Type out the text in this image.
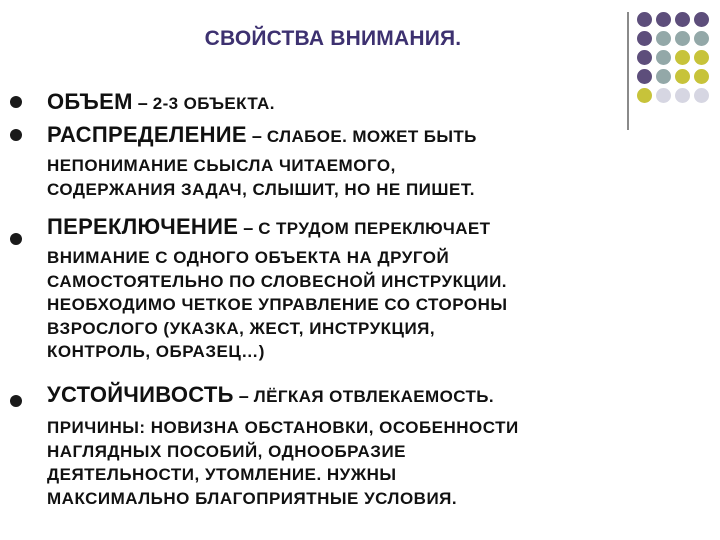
СВОЙСТВА ВНИМАНИЯ.
ОБЪЕМ – 2-3 ОБЪЕКТА.
РАСПРЕДЕЛЕНИЕ – СЛАБОЕ. МОЖЕТ БЫТЬ
НЕПОНИМАНИЕ СЬЫСЛА ЧИТАЕМОГО,
СОДЕРЖАНИЯ ЗАДАЧ, СЛЫШИТ, НО НЕ ПИШЕТ.
ПЕРЕКЛЮЧЕНИЕ – С ТРУДОМ ПЕРЕКЛЮЧАЕТ
ВНИМАНИЕ С ОДНОГО ОБЪЕКТА НА ДРУГОЙ
САМОСТОЯТЕЛЬНО ПО СЛОВЕСНОЙ ИНСТРУКЦИИ.
НЕОБХОДИМО ЧЕТКОЕ УПРАВЛЕНИЕ СО СТОРОНЫ
ВЗРОСЛОГО (УКАЗКА, ЖЕСТ, ИНСТРУКЦИЯ,
КОНТРОЛЬ, ОБРАЗЕЦ…)
УСТОЙЧИВОСТЬ – ЛЁГКАЯ ОТВЛЕКАЕМОСТЬ.
ПРИЧИНЫ: НОВИЗНА ОБСТАНОВКИ, ОСОБЕННОСТИ
НАГЛЯДНЫХ ПОСОБИЙ, ОДНООБРАЗИЕ
ДЕЯТЕЛЬНОСТИ, УТОМЛЕНИЕ. НУЖНЫ
МАКСИМАЛЬНО БЛАГОПРИЯТНЫЕ УСЛОВИЯ.
